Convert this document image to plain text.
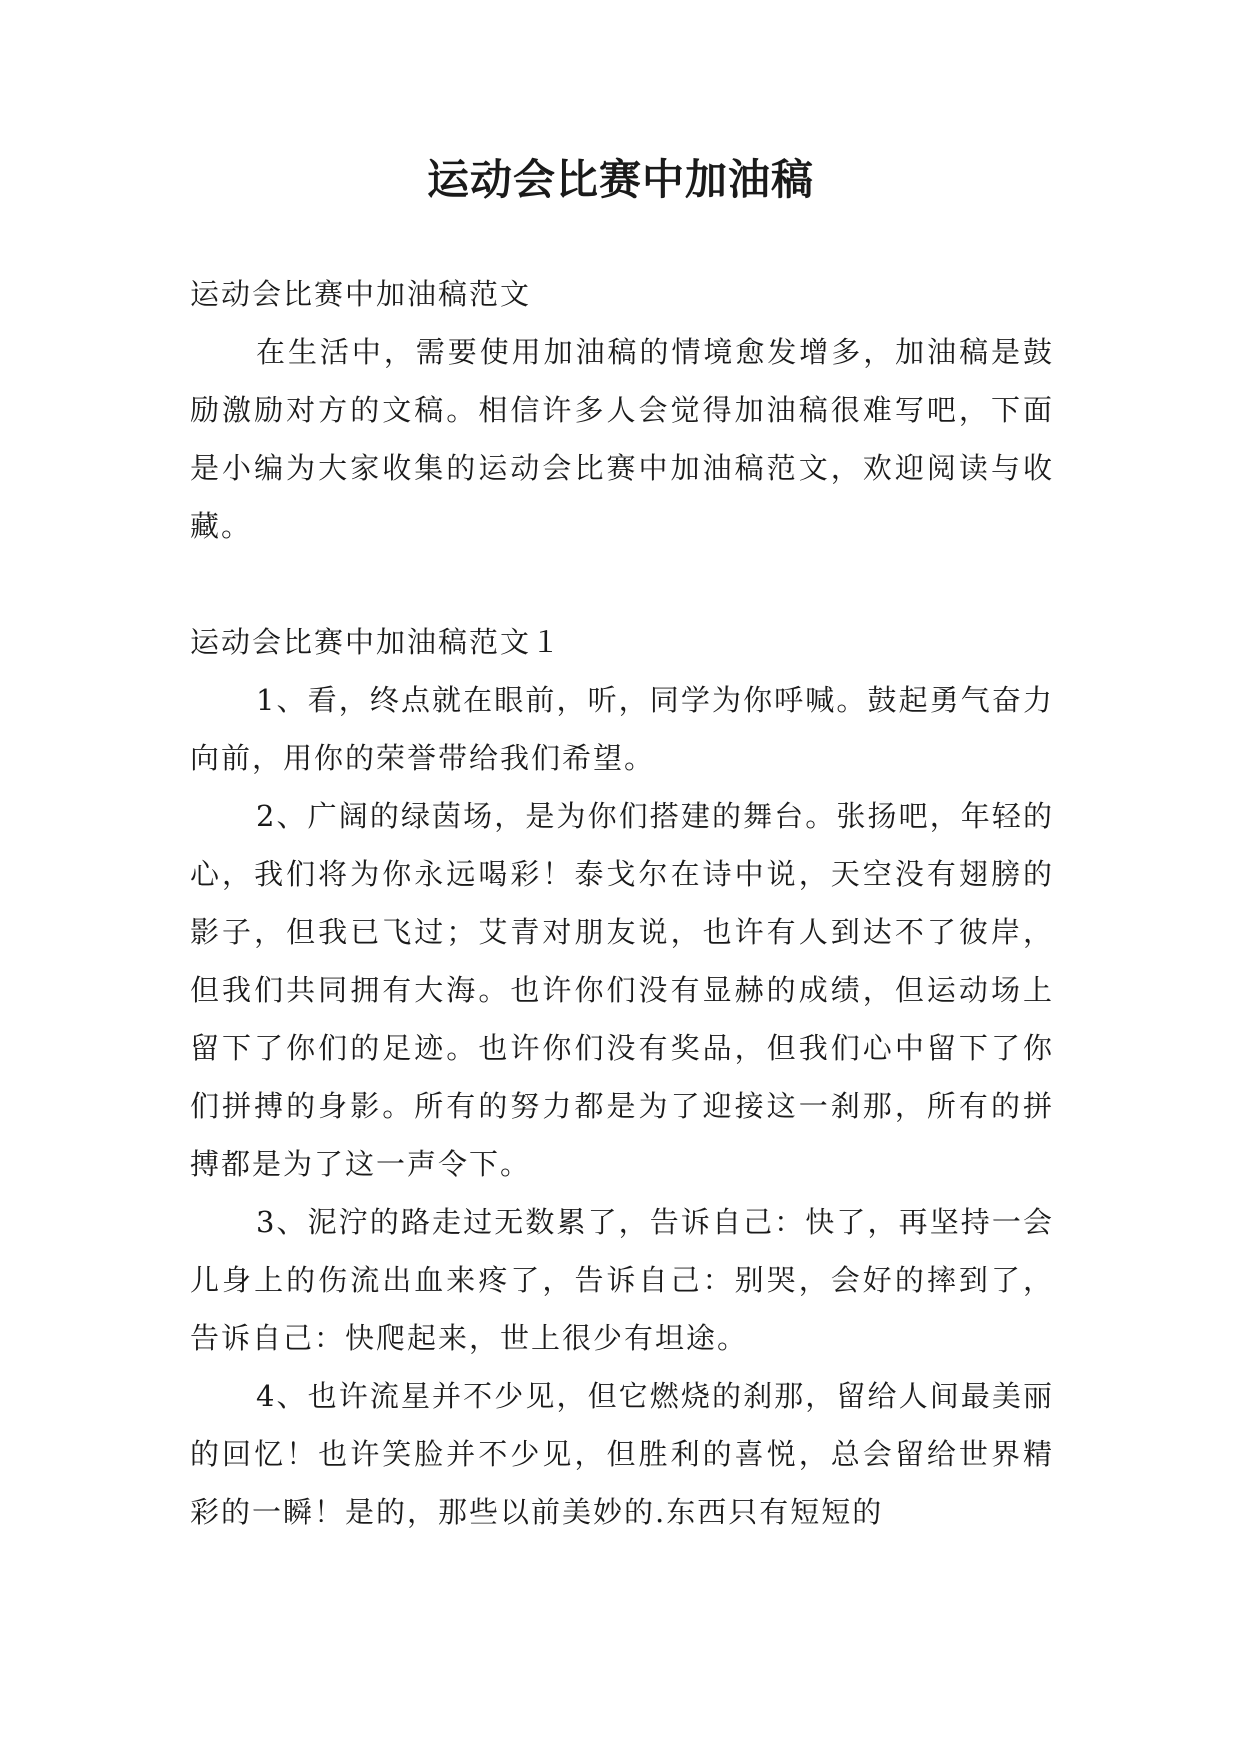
运动会比赛中加油稿

运动会比赛中加油稿范文

在生活中，需要使用加油稿的情境愈发增多，加油稿是鼓励激励对方的文稿。相信许多人会觉得加油稿很难写吧，下面是小编为大家收集的运动会比赛中加油稿范文，欢迎阅读与收藏。

运动会比赛中加油稿范文１

1、看，终点就在眼前，听，同学为你呼喊。鼓起勇气奋力向前，用你的荣誉带给我们希望。

2、广阔的绿茵场，是为你们搭建的舞台。张扬吧，年轻的心，我们将为你永远喝彩！泰戈尔在诗中说，天空没有翅膀的影子，但我已飞过；艾青对朋友说，也许有人到达不了彼岸，但我们共同拥有大海。也许你们没有显赫的成绩，但运动场上留下了你们的足迹。也许你们没有奖品，但我们心中留下了你们拼搏的身影。所有的努力都是为了迎接这一刹那，所有的拼搏都是为了这一声令下。

3、泥泞的路走过无数累了，告诉自己：快了，再坚持一会儿身上的伤流出血来疼了，告诉自己：别哭，会好的摔到了，告诉自己：快爬起来，世上很少有坦途。

4、也许流星并不少见，但它燃烧的刹那，留给人间最美丽的回忆！也许笑脸并不少见，但胜利的喜悦，总会留给世界精彩的一瞬！是的，那些以前美妙的.东西只有短短的
